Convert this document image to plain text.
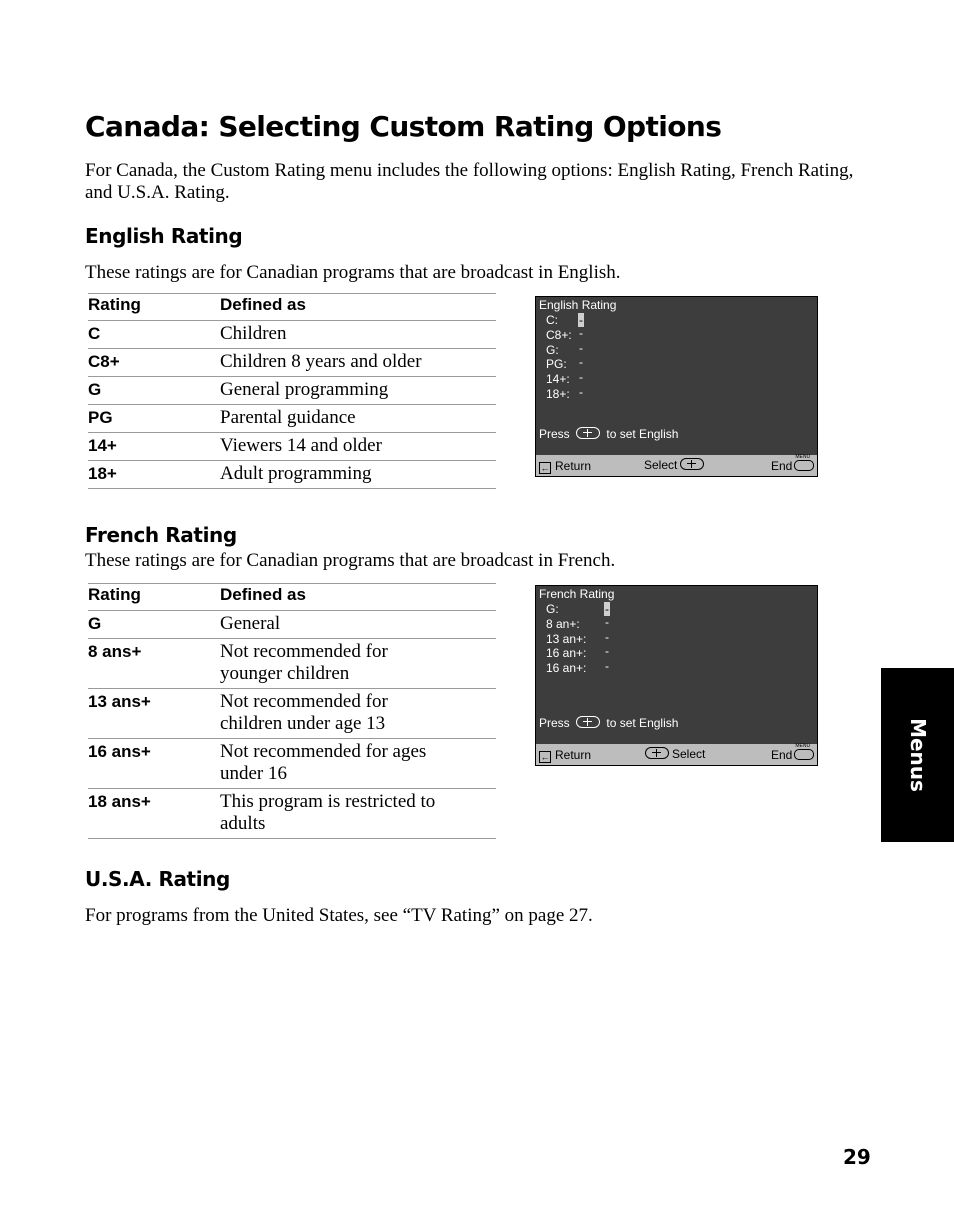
Canada: Selecting Custom Rating Options

For Canada, the Custom Rating menu includes the following options: English Rating, French Rating, and U.S.A. Rating.

English Rating

These ratings are for Canadian programs that are broadcast in English.

Rating	Defined as
C	Children
C8+	Children 8 years and older
G	General programming
PG	Parental guidance
14+	Viewers 14 and older
18+	Adult programming
English Rating
C: -
C8+: -
G: -
PG: -
14+: -
18+: -
Press	to set English
← Return	Select	End
MENU
French Rating

These ratings are for Canadian programs that are broadcast in French.

Rating	Defined as
G	General
8 ans+	Not recommended for younger children
13 ans+	Not recommended for children under age 13
16 ans+	Not recommended for ages under 16
18 ans+	This program is restricted to adults
French Rating
G:	-
8 an+: -
13 an+: -
16 an+: -
16 an+: -
Press	to set English
← Return	Select	End
MENU
U.S.A. Rating

For programs from the United States, see “TV Rating” on page 27.

Menus
29
